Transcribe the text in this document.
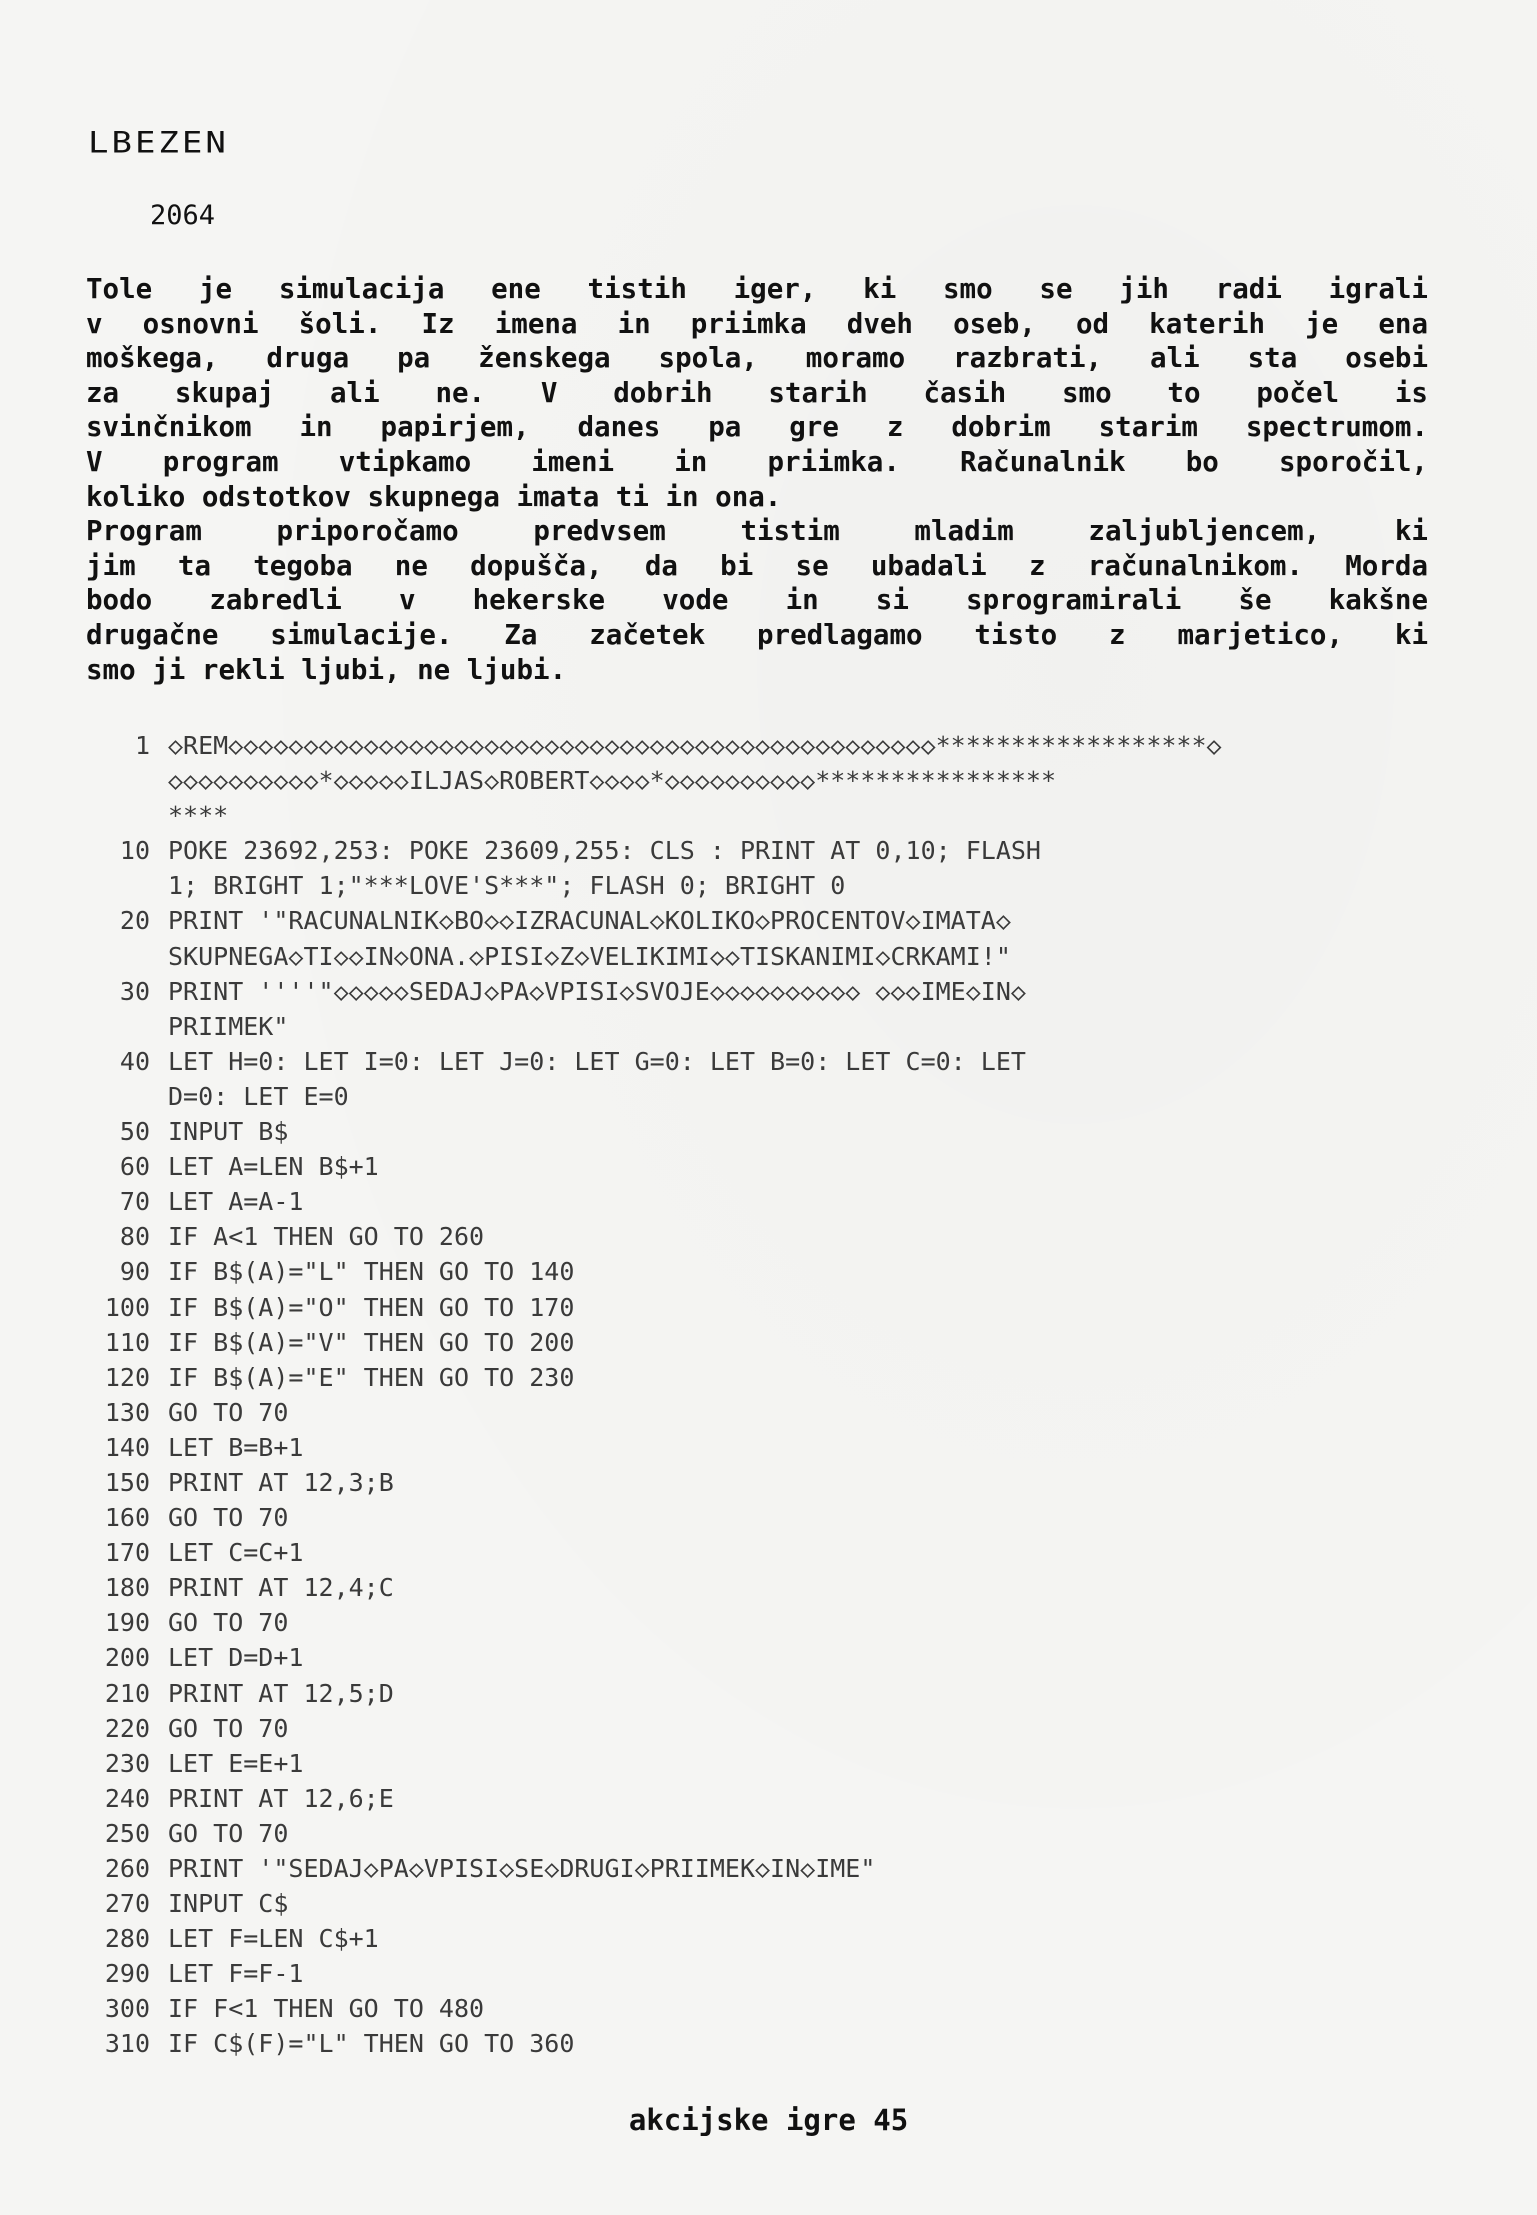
LBEZEN
2064
Tole je simulacija ene tistih iger, ki smo se jih radi igrali
v osnovni šoli. Iz imena in priimka dveh oseb, od katerih je ena
moškega, druga pa ženskega spola, moramo razbrati, ali sta osebi
za skupaj ali ne. V dobrih starih časih smo to počel is
svinčnikom in papirjem, danes pa gre z dobrim starim spectrumom.
V program vtipkamo imeni in priimka. Računalnik bo sporočil,
koliko odstotkov skupnega imata ti in ona.
Program priporočamo predvsem tistim mladim zaljubljencem, ki
jim ta tegoba ne dopušča, da bi se ubadali z računalnikom. Morda
bodo zabredli v hekerske vode in si sprogramirali še kakšne
drugačne simulacije. Za začetek predlagamo tisto z marjetico, ki
smo ji rekli ljubi, ne ljubi.
1 ◇REM◇◇◇◇◇◇◇◇◇◇◇◇◇◇◇◇◇◇◇◇◇◇◇◇◇◇◇◇◇◇◇◇◇◇◇◇◇◇◇◇◇◇◇◇◇◇◇******************◇
◇◇◇◇◇◇◇◇◇◇*◇◇◇◇◇ILJAS◇ROBERT◇◇◇◇*◇◇◇◇◇◇◇◇◇◇****************
****
10 POKE 23692,253: POKE 23609,255: CLS : PRINT AT 0,10; FLASH
1; BRIGHT 1;"***LOVE'S***"; FLASH 0; BRIGHT 0
20 PRINT '"RACUNALNIK◇BO◇◇IZRACUNAL◇KOLIKO◇PROCENTOV◇IMATA◇
SKUPNEGA◇TI◇◇IN◇ONA.◇PISI◇Z◇VELIKIMI◇◇TISKANIMI◇CRKAMI!"
30 PRINT ''''"◇◇◇◇◇SEDAJ◇PA◇VPISI◇SVOJE◇◇◇◇◇◇◇◇◇◇ ◇◇◇IME◇IN◇
PRIIMEK"
40 LET H=0: LET I=0: LET J=0: LET G=0: LET B=0: LET C=0: LET
D=0: LET E=0
50 INPUT B$
60 LET A=LEN B$+1
70 LET A=A-1
80 IF A<1 THEN GO TO 260
90 IF B$(A)="L" THEN GO TO 140
100 IF B$(A)="O" THEN GO TO 170
110 IF B$(A)="V" THEN GO TO 200
120 IF B$(A)="E" THEN GO TO 230
130 GO TO 70
140 LET B=B+1
150 PRINT AT 12,3;B
160 GO TO 70
170 LET C=C+1
180 PRINT AT 12,4;C
190 GO TO 70
200 LET D=D+1
210 PRINT AT 12,5;D
220 GO TO 70
230 LET E=E+1
240 PRINT AT 12,6;E
250 GO TO 70
260 PRINT '"SEDAJ◇PA◇VPISI◇SE◇DRUGI◇PRIIMEK◇IN◇IME"
270 INPUT C$
280 LET F=LEN C$+1
290 LET F=F-1
300 IF F<1 THEN GO TO 480
310 IF C$(F)="L" THEN GO TO 360
akcijske igre 45
